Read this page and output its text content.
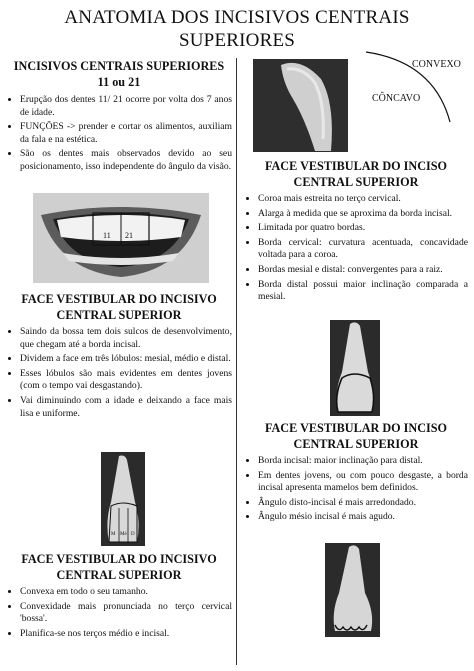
ANATOMIA DOS INCISIVOS CENTRAIS
SUPERIORES

INCISIVOS CENTRAIS SUPERIORES

11 ou 21

• Erupção dos dentes 11/ 21 ocorre por volta dos 7 anos de idade.
• FUNÇÕES -> prender e cortar os alimentos, auxiliam da fala e na estética.
• São os dentes mais observados devido ao seu posicionamento, isso independente do ângulo da visão.
11 21

FACE VESTIBULAR DO INCISIVO

CENTRAL SUPERIOR

• Saindo da bossa tem dois sulcos de desenvolvimento, que chegam até a borda incisal.
• Dividem a face em três lóbulos: mesial, médio e distal.
• Esses lóbulos são mais evidentes em dentes jovens (com o tempo vai desgastando).
• Vai diminuindo com a idade e deixando a face mais lisa e uniforme.
M Mé D

FACE VESTIBULAR DO INCISIVO

CENTRAL SUPERIOR

• Convexa em todo o seu tamanho.
• Convexidade mais pronunciada no terço cervical 'bossa'.
• Planifica-se nos terços médio e incisal.
CONVEXO
CÔNCAVO

FACE VESTIBULAR DO INCISO

CENTRAL SUPERIOR

• Coroa mais estreita no terço cervical.
• Alarga à medida que se aproxima da borda incisal.
• Limitada por quatro bordas.
• Borda cervical: curvatura acentuada, concavidade voltada para a coroa.
• Bordas mesial e distal: convergentes para a raiz.
• Borda distal possui maior inclinação comparada a mesial.

FACE VESTIBULAR DO INCISO

CENTRAL SUPERIOR

• Borda incisal: maior inclinação para distal.
• Em dentes jovens, ou com pouco desgaste, a borda incisal apresenta mamelos bem definidos.
• Ângulo disto-incisal é mais arredondado.
• Ângulo mésio incisal é mais agudo.
